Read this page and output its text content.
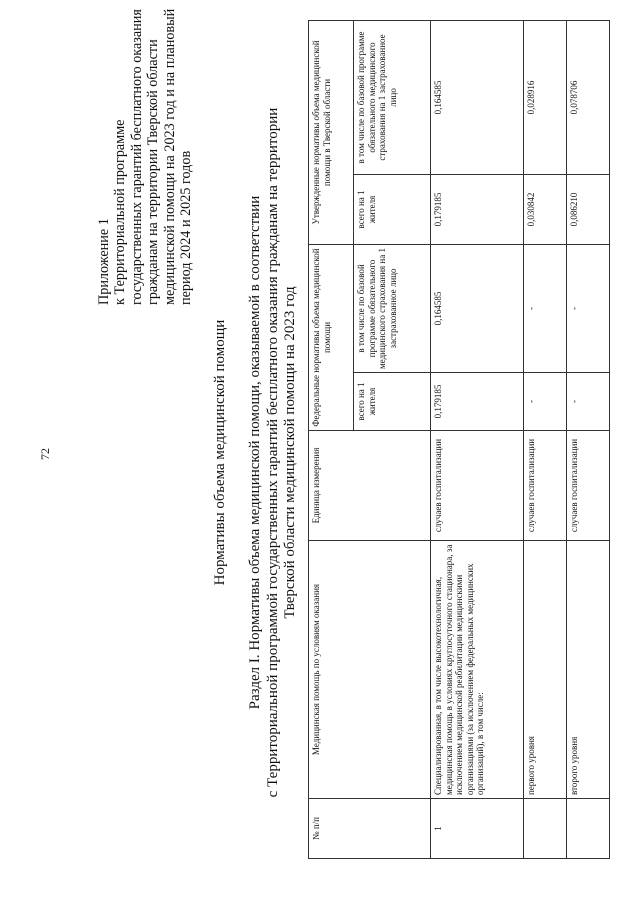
72
Приложение 1 к Территориальной программе государственных гарантий бесплатного оказания гражданам на территории Тверской области медицинской помощи на 2023 год и на плановый период 2024 и 2025 годов
Нормативы объема медицинской помощи Раздел I. Нормативы объема медицинской помощи, оказываемой в соответствии с Территориальной программой государственных гарантий бесплатного оказания гражданам на территории Тверской области медицинской помощи на 2023 год
№ п/п	Медицинская помощь по условиям оказания	Единица измерения	Федеральные нормативы объема медицинской помощи		Утвержденные нормативы объема медицинской помощи в Тверской области	
			всего на 1 жителя	в том числе по базовой программе обязательного медицинского страхования на 1 застрахованное лицо	всего на 1 жителя	в том числе по базовой программе обязательного медицинского страхования на 1 застрахованное лицо
1	Специализированная, в том числе высокотехнологичная, медицинская помощь в условиях круглосуточного стационара, за исключением медицинской реабилитации медицинскими организациями (за исключением федеральных медицинских организаций), в том числе:	случаев госпитализации	0,179185	0,164585	0,179185	0,164585
	первого уровня	случаев госпитализации	-	-	0,030842	0,028916
	второго уровня	случаев госпитализации	-	-	0,086210	0,078706
